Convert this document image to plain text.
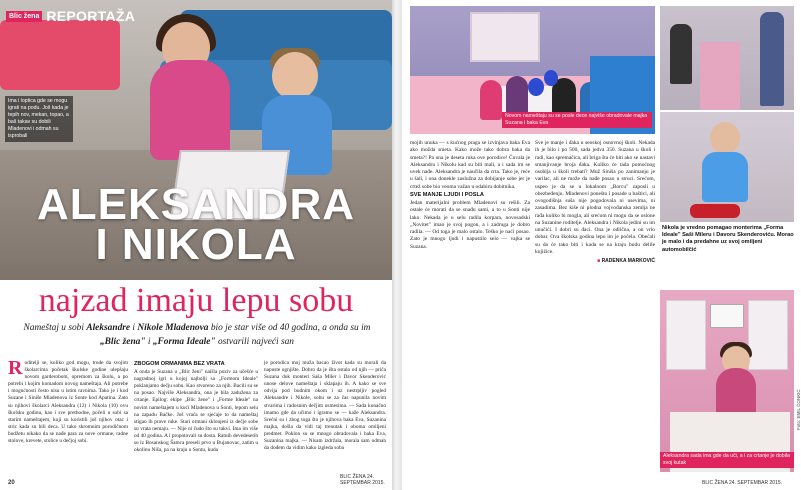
Blic žena REPORTAŽA
Ima i loptica gde se mogu igrati na podu. Još kada je tepih nov, mekan, topao, a baš takav su dobili Mladenovi i odmah su isprobali
ALEKSANDRA
I NIKOLA
najzad imaju lepu sobu
Nameštaj u sobi Aleksandre i Nikole Mladenova bio je star više od 40 godina, a onda su im „Blic žena" i „Forma Ideale" ostvarili najveći san
R oditelji se, koliko god mogu, trude da svojim školarcima početak školske godine ulepšaju novom garderobom, opremom za školu, a po potrebi i kojim komadom novog nameštaja. Ali potrebe i mogućnosti često nisu u istim ravnima. Tako je i kod Suzane i Siniše Mladenova iz Sonte kod Apatina. Zato su njihovi školarci Aleksandra (12) i Nikola (10) ovu školsku godinu, kao i sve prethodne, počeli u sobi sa starim nameštajem, koji su koristili još njihov otac i stric kada su bili deca. U tako skromnim porodičnom budžetu nikako da se nađe para za nove ormane, radne stolove, krevete, stolice u dečjoj sobi.

ZBOGOM ORMANIMA BEZ VRATA

A onda je Suzana u „Blic ženi" naišla poziv za učešće u nagradnoj igri u kojoj najbolji sa „Formom Ideale" poklanjamo dečju sobu. Kao stvoreno za njih. Bacili su se na posao. Najviše Aleksandra, ona je bila zadužena za crtanje. Epilog: ekipe „Blic žene" i „Forme Ideale" na novim nameštajem u kući Mladenova u Sonti, lepom selu na zapadu Bačke. Još vraća se sjećaje to da nameštaj stigao ih prave ruke. Stari ormani sklonjeni iz dečje sobe su vrata nemaju. — Nije ni čudo što su takvi. Ima im više od 40 godina. A i propotovali su dosta. Ratnih devedesetih su iz Bosanskog Šamca preseli prvo u Bujanovac, zatim u okolinu Niša, pa na kraju u Sontu, kuda

je porodica moj muža bacao život kada su morali da napuste ognjište. Dobro da je išta ostalo od njih — priča Suzana dok monteri Saša Miler i Davor Skenderović unose delove nameštaja i sklapaju ih. A kako se sve odvija pod budnim okom i uz nestrpljiv pogled Aleksandre i Nikole, sobu se za čas napunila novim stvarima i radosnim dečjim osmesima. — Sada konačno imamo gde da učimo i igramo se — kaže Aleksandra. Srećni su i zbog toga što je njihova baka Eva, Suzanina majka, došla da vidi taj trenutak i oboma omiljeni predmet. Poklon su se mnogo obradovala i baka Eva, Suzanina majka. — Nisam izdržala, morala sam odmah da dođem da vidim kako izgleda soba

20
BLIC ŽENA 24. SEPTEMBAR 2015.
Novom nameštaju su se posle dece najviše obradovale majka Suzana i baka Eva
Nikola je vredno pomagao monterima „Forma Ideale" Saši Mileru i Davoru Skenderoviću. Morao je malo i da predahne uz svoj omiljeni automobilčić
Aleksandra sada ima gde da uči, a i za crtanje je dobila svoj kutak
Foto: EMIL ČONKIĆ

mojih unuka — s kućnog praga se izvinjava baka Eva ako možda smeta. Kako može tako dobra baka da smeta?! Pa ona je deseta ruka ove porodice! Čuvala je Aleksandru i Nikolu kad su bili mali, a i sada im se uvek nađe. Aleksandra je naučila da crta. Tako je, reće u šali, i ona donekle zaslužna za dobijanje sobe jer je crtež sobe bio veoma važan u odabiru dobitnika.

SVE MANJE LJUDI I POSLA

Jedan materijalni problem Mladenovi su rešili. Za ostale će morati da se snađu sami, a to u Sonti nije lako. Nekada je u selu radila korpara, novosadski „Novitet" imao je svoj pogon, a i zadruga je dobro radila. — Od toga je malo ostalo. Teško je naći posao. Zato je mnogo ljudi i napustilo selo — vajka se Suzana.

Sve je manje i đaka u seoskoj osnovnoj školi. Nekada ih je bilo i po 500, sada jedva 350. Suzana u školi i radi, kao spremačica, ali briga šta će biti ako se nastavi smanjivanje broja đaka. Koliko će tada pomoćnog osoblja u školi trebati? Muž Siniša po zanimanju je varilac, ali ne može da nađe posao u struci. Srećom, uspeo je da se u lokalnom „Borcu" zaposli u obezbeđenju. Mladenovi ponešto i posade u baštici, ali ovogodišnja suša nije pogodovala ni usevima, ni zasadima. Bez kiše ni plodna vojvođanska zemlja ne rađa koliko bi mogla, ali srećom ni mogu da se oslone na Suzanine roditelje. Aleksandra i Nikola jedini su im unučići. I dobri su đaci. Ona je odlična, a on vrlo dobar. Ova školska godina lepo im je počela. Obećali su da će tako biti i kada se na kraju budu delile knjižice.

■ RADENKA MARKOVIĆ
BLIC ŽENA 24. SEPTEMBAR 2015.
